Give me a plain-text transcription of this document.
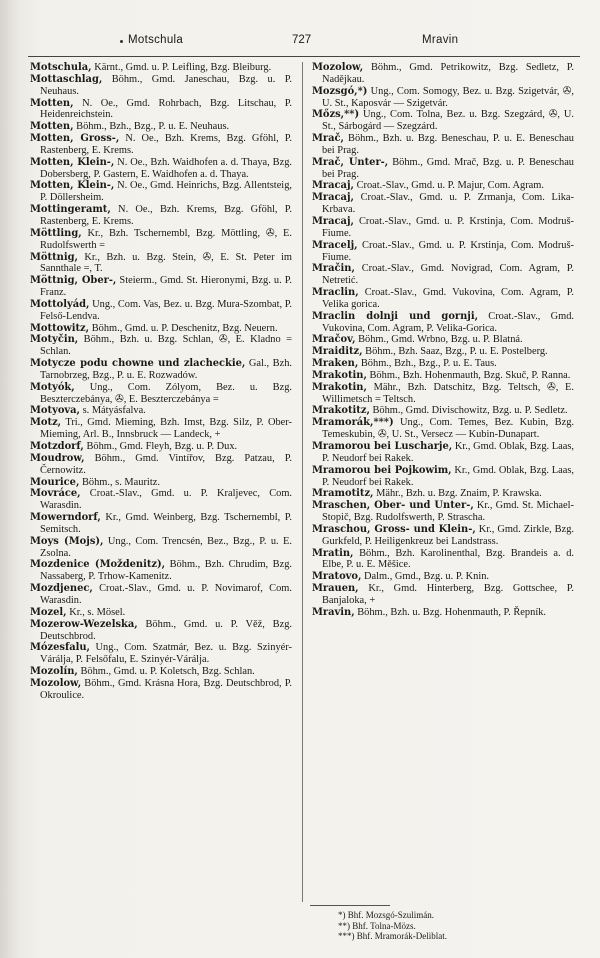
Motschula	727	Mravin

Motschula, Kärnt., Gmd. u. P. Leifling, Bzg. Bleiburg.

Mottaschlag, Böhm., Gmd. Janeschau, Bzg. u. P. Neuhaus.

Motten, N. Oe., Gmd. Rohrbach, Bzg. Litschau, P. Heidenreichstein.

Motten, Böhm., Bzh., Bzg., P. u. E. Neuhaus.

Motten, Gross-, N. Oe., Bzh. Krems, Bzg. Gföhl, P. Rastenberg, E. Krems.

Motten, Klein-, N. Oe., Bzh. Waidhofen a. d. Thaya, Bzg. Dobersberg, P. Gastern, E. Waidhofen a. d. Thaya.

Motten, Klein-, N. Oe., Gmd. Heinrichs, Bzg. Allentsteig, P. Döllersheim.

Mottingeramt, N. Oe., Bzh. Krems, Bzg. Gföhl, P. Rastenberg, E. Krems.

Möttling, Kr., Bzh. Tschernembl, Bzg. Möttling, ✇, E. Rudolfswerth =

Möttnig, Kr., Bzh. u. Bzg. Stein, ✇, E. St. Peter im Sannthale =, T.

Möttnig, Ober-, Steierm., Gmd. St. Hieronymi, Bzg. u. P. Franz.

Mottolyád, Ung., Com. Vas, Bez. u. Bzg. Mura-Szombat, P. Felső-Lendva.

Mottowitz, Böhm., Gmd. u. P. Deschenitz, Bzg. Neuern.

Motyčin, Böhm., Bzh. u. Bzg. Schlan, ✇, E. Kladno = Schlan.

Motycze podu chowne und zlacheckie, Gal., Bzh. Tarnobrzeg, Bzg., P. u. E. Rozwadów.

Motyók, Ung., Com. Zólyom, Bez. u. Bzg. Beszterczebánya, ✇, E. Beszterczebánya =

Motyova, s. Mátyásfalva.

Motz, Tri., Gmd. Mieming, Bzh. Imst, Bzg. Silz, P. Ober-Mieming, Arl. B., Innsbruck — Landeck, +

Motzdorf, Böhm., Gmd. Fleyh, Bzg. u. P. Dux.

Moudrow, Böhm., Gmd. Vintířov, Bzg. Patzau, P. Černowitz.

Mourice, Böhm., s. Mauritz.

Movráce, Croat.-Slav., Gmd. u. P. Kraljevec, Com. Warasdin.

Mowerndorf, Kr., Gmd. Weinberg, Bzg. Tschernembl, P. Semitsch.

Moys (Mojs), Ung., Com. Trencsén, Bez., Bzg., P. u. E. Zsolna.

Mozdenice (Moždenitz), Böhm., Bzh. Chrudim, Bzg. Nassaberg, P. Trhow-Kamenitz.

Mozdjenec, Croat.-Slav., Gmd. u. P. Novimarof, Com. Warasdin.

Mozel, Kr., s. Mösel.

Mozerow-Wezelska, Böhm., Gmd. u. P. Věž, Bzg. Deutschbrod.

Mózesfalu, Ung., Com. Szatmár, Bez. u. Bzg. Szinyér-Várálja, P. Felsőfalu, E. Szinyér-Várálja.

Mozolín, Böhm., Gmd. u. P. Koletsch, Bzg. Schlan.

Mozolow, Böhm., Gmd. Krásna Hora, Bzg. Deutschbrod, P. Okroulice.

Mozolow, Böhm., Gmd. Petrikowitz, Bzg. Sedletz, P. Nadějkau.

Mozsgó,*) Ung., Com. Somogy, Bez. u. Bzg. Szigetvár, ✇, U. St., Kaposvár — Szigetvár.

Mőzs,**) Ung., Com. Tolna, Bez. u. Bzg. Szegzárd, ✇, U. St., Sárbogárd — Szegzárd.

Mrač, Böhm., Bzh. u. Bzg. Beneschau, P. u. E. Beneschau bei Prag.

Mrač, Unter-, Böhm., Gmd. Mrač, Bzg. u. P. Beneschau bei Prag.

Mracaj, Croat.-Slav., Gmd. u. P. Majur, Com. Agram.

Mracaj, Croat.-Slav., Gmd. u. P. Zrmanja, Com. Lika-Krbava.

Mracaj, Croat.-Slav., Gmd. u. P. Krstinja, Com. Modruš-Fiume.

Mracelj, Croat.-Slav., Gmd. u. P. Krstinja, Com. Modruš-Fiume.

Mračin, Croat.-Slav., Gmd. Novigrad, Com. Agram, P. Netretić.

Mraclin, Croat.-Slav., Gmd. Vukovina, Com. Agram, P. Velika gorica.

Mraclin dolnji und gornji, Croat.-Slav., Gmd. Vukovina, Com. Agram, P. Velika-Gorica.

Mračov, Böhm., Gmd. Wrbno, Bzg. u. P. Blatná.

Mraiditz, Böhm., Bzh. Saaz, Bzg., P. u. E. Postelberg.

Mraken, Böhm., Bzh., Bzg., P. u. E. Taus.

Mrakotin, Böhm., Bzh. Hohenmauth, Bzg. Skuč, P. Ranna.

Mrakotin, Mähr., Bzh. Datschitz, Bzg. Teltsch, ✇, E. Willimetsch = Teltsch.

Mrakotitz, Böhm., Gmd. Divischowitz, Bzg. u. P. Sedletz.

Mramorák,***) Ung., Com. Temes, Bez. Kubin, Bzg. Temeskubin, ✇, U. St., Versecz — Kubin-Dunapart.

Mramorou bei Luscharje, Kr., Gmd. Oblak, Bzg. Laas, P. Neudorf bei Rakek.

Mramorou bei Pojkowim, Kr., Gmd. Oblak, Bzg. Laas, P. Neudorf bei Rakek.

Mramotitz, Mähr., Bzh. u. Bzg. Znaim, P. Krawska.

Mraschen, Ober- und Unter-, Kr., Gmd. St. Michael-Stopič, Bzg. Rudolfswerth, P. Straschа.

Mraschou, Gross- und Klein-, Kr., Gmd. Zirkle, Bzg. Gurkfeld, P. Heiligenkreuz bei Landstrass.

Mratin, Böhm., Bzh. Karolinenthal, Bzg. Brandeis a. d. Elbe, P. u. E. Měšice.

Mratovo, Dalm., Gmd., Bzg. u. P. Knin.

Mrauen, Kr., Gmd. Hinterberg, Bzg. Gottschee, P. Banjaloka, +

Mravin, Böhm., Bzh. u. Bzg. Hohenmauth, P. Řepník.

*) Bhf. Mozsgó-Szulimán.
**) Bhf. Tolna-Mözs.
***) Bhf. Mramorák-Deliblat.
